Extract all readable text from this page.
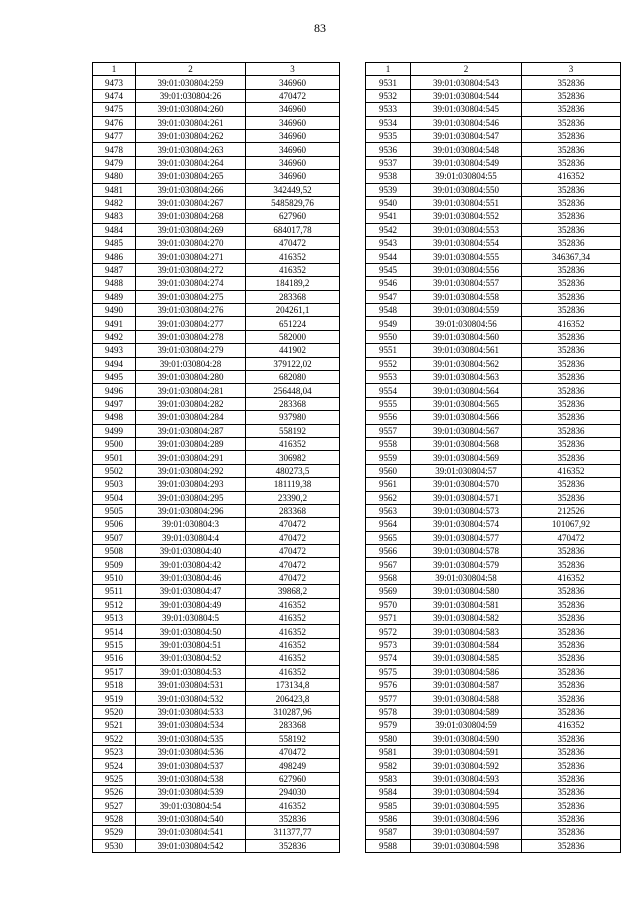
83
1	2	3
9473	39:01:030804:259	346960
9474	39:01:030804:26	470472
9475	39:01:030804:260	346960
9476	39:01:030804:261	346960
9477	39:01:030804:262	346960
9478	39:01:030804:263	346960
9479	39:01:030804:264	346960
9480	39:01:030804:265	346960
9481	39:01:030804:266	342449,52
9482	39:01:030804:267	5485829,76
9483	39:01:030804:268	627960
9484	39:01:030804:269	684017,78
9485	39:01:030804:270	470472
9486	39:01:030804:271	416352
9487	39:01:030804:272	416352
9488	39:01:030804:274	184189,2
9489	39:01:030804:275	283368
9490	39:01:030804:276	204261,1
9491	39:01:030804:277	651224
9492	39:01:030804:278	582000
9493	39:01:030804:279	441902
9494	39:01:030804:28	379122,02
9495	39:01:030804:280	682080
9496	39:01:030804:281	256448,04
9497	39:01:030804:282	283368
9498	39:01:030804:284	937980
9499	39:01:030804:287	558192
9500	39:01:030804:289	416352
9501	39:01:030804:291	306982
9502	39:01:030804:292	480273,5
9503	39:01:030804:293	181119,38
9504	39:01:030804:295	23390,2
9505	39:01:030804:296	283368
9506	39:01:030804:3	470472
9507	39:01:030804:4	470472
9508	39:01:030804:40	470472
9509	39:01:030804:42	470472
9510	39:01:030804:46	470472
9511	39:01:030804:47	39868,2
9512	39:01:030804:49	416352
9513	39:01:030804:5	416352
9514	39:01:030804:50	416352
9515	39:01:030804:51	416352
9516	39:01:030804:52	416352
9517	39:01:030804:53	416352
9518	39:01:030804:531	173134,8
9519	39:01:030804:532	206423,8
9520	39:01:030804:533	310287,96
9521	39:01:030804:534	283368
9522	39:01:030804:535	558192
9523	39:01:030804:536	470472
9524	39:01:030804:537	498249
9525	39:01:030804:538	627960
9526	39:01:030804:539	294030
9527	39:01:030804:54	416352
9528	39:01:030804:540	352836
9529	39:01:030804:541	311377,77
9530	39:01:030804:542	352836
1	2	3
9531	39:01:030804:543	352836
9532	39:01:030804:544	352836
9533	39:01:030804:545	352836
9534	39:01:030804:546	352836
9535	39:01:030804:547	352836
9536	39:01:030804:548	352836
9537	39:01:030804:549	352836
9538	39:01:030804:55	416352
9539	39:01:030804:550	352836
9540	39:01:030804:551	352836
9541	39:01:030804:552	352836
9542	39:01:030804:553	352836
9543	39:01:030804:554	352836
9544	39:01:030804:555	346367,34
9545	39:01:030804:556	352836
9546	39:01:030804:557	352836
9547	39:01:030804:558	352836
9548	39:01:030804:559	352836
9549	39:01:030804:56	416352
9550	39:01:030804:560	352836
9551	39:01:030804:561	352836
9552	39:01:030804:562	352836
9553	39:01:030804:563	352836
9554	39:01:030804:564	352836
9555	39:01:030804:565	352836
9556	39:01:030804:566	352836
9557	39:01:030804:567	352836
9558	39:01:030804:568	352836
9559	39:01:030804:569	352836
9560	39:01:030804:57	416352
9561	39:01:030804:570	352836
9562	39:01:030804:571	352836
9563	39:01:030804:573	212526
9564	39:01:030804:574	101067,92
9565	39:01:030804:577	470472
9566	39:01:030804:578	352836
9567	39:01:030804:579	352836
9568	39:01:030804:58	416352
9569	39:01:030804:580	352836
9570	39:01:030804:581	352836
9571	39:01:030804:582	352836
9572	39:01:030804:583	352836
9573	39:01:030804:584	352836
9574	39:01:030804:585	352836
9575	39:01:030804:586	352836
9576	39:01:030804:587	352836
9577	39:01:030804:588	352836
9578	39:01:030804:589	352836
9579	39:01:030804:59	416352
9580	39:01:030804:590	352836
9581	39:01:030804:591	352836
9582	39:01:030804:592	352836
9583	39:01:030804:593	352836
9584	39:01:030804:594	352836
9585	39:01:030804:595	352836
9586	39:01:030804:596	352836
9587	39:01:030804:597	352836
9588	39:01:030804:598	352836
